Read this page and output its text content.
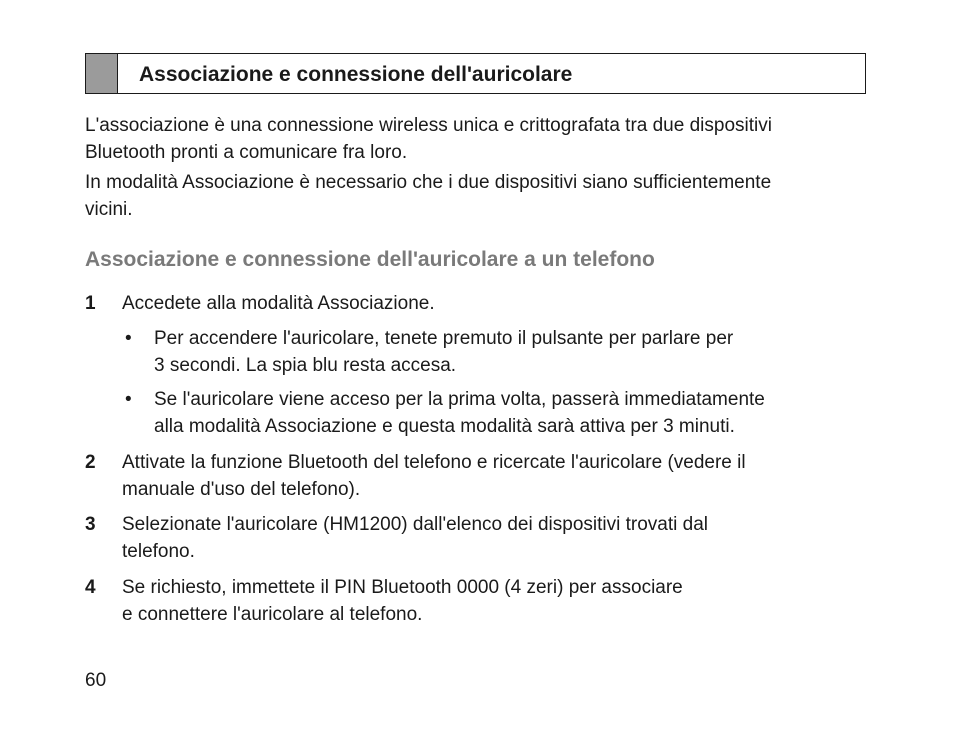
Associazione e connessione dell'auricolare

L'associazione è una connessione wireless unica e crittografata tra due dispositivi
Bluetooth pronti a comunicare fra loro.

In modalità Associazione è necessario che i due dispositivi siano sufficientemente
vicini.

Associazione e connessione dell'auricolare a un telefono
1 Accedete alla modalità Associazione.
• Per accendere l'auricolare, tenete premuto il pulsante per parlare per
3 secondi. La spia blu resta accesa.
• Se l'auricolare viene acceso per la prima volta, passerà immediatamente
alla modalità Associazione e questa modalità sarà attiva per 3 minuti.
2 Attivate la funzione Bluetooth del telefono e ricercate l'auricolare (vedere il
manuale d'uso del telefono).
3 Selezionate l'auricolare (HM1200) dall'elenco dei dispositivi trovati dal
telefono.
4 Se richiesto, immettete il PIN Bluetooth 0000 (4 zeri) per associare
e connettere l'auricolare al telefono.
60
